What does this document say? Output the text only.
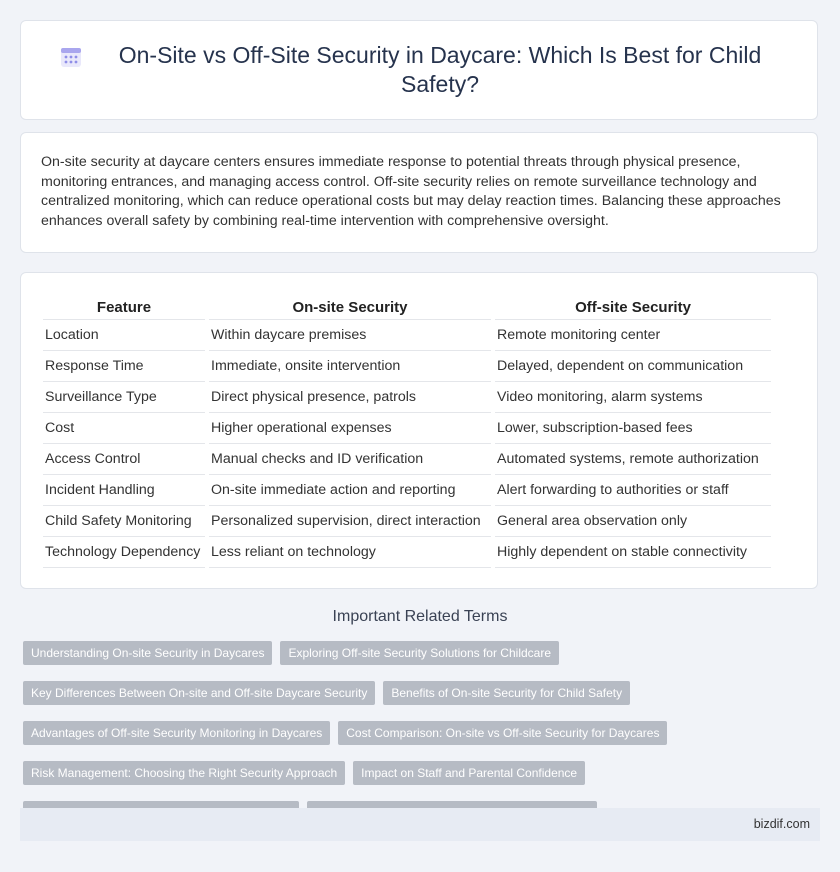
On-Site vs Off-Site Security in Daycare: Which Is Best for Child Safety?

On-site security at daycare centers ensures immediate response to potential threats through physical presence, monitoring entrances, and managing access control. Off-site security relies on remote surveillance technology and centralized monitoring, which can reduce operational costs but may delay reaction times. Balancing these approaches enhances overall safety by combining real-time intervention with comprehensive oversight.

Feature	On-site Security	Off-site Security
Location	Within daycare premises	Remote monitoring center
Response Time	Immediate, onsite intervention	Delayed, dependent on communication
Surveillance Type	Direct physical presence, patrols	Video monitoring, alarm systems
Cost	Higher operational expenses	Lower, subscription-based fees
Access Control	Manual checks and ID verification	Automated systems, remote authorization
Incident Handling	On-site immediate action and reporting	Alert forwarding to authorities or staff
Child Safety Monitoring	Personalized supervision, direct interaction	General area observation only
Technology Dependency	Less reliant on technology	Highly dependent on stable connectivity
Important Related Terms
Understanding On-site Security in Daycares	Exploring Off-site Security Solutions for Childcare
Key Differences Between On-site and Off-site Daycare Security	Benefits of On-site Security for Child Safety
Advantages of Off-site Security Monitoring in Daycares	Cost Comparison: On-site vs Off-site Security for Daycares
Risk Management: Choosing the Right Security Approach	Impact on Staff and Parental Confidence
bizdif.com
